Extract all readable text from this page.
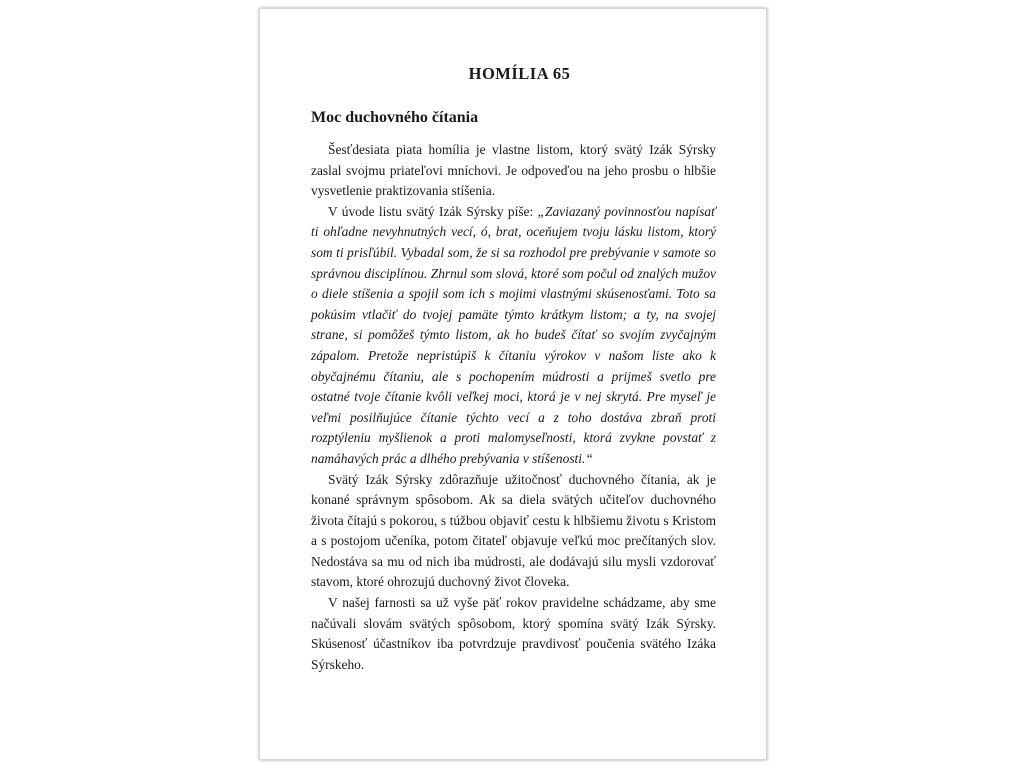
HOMÍLIA 65
Moc duchovného čítania

Šesťdesiata piata homília je vlastne listom, ktorý svätý Izák Sýrsky zaslal svojmu priateľovi mníchovi. Je odpoveďou na jeho prosbu o hlbšie vysvetlenie praktizovania stíšenia.

V úvode listu svätý Izák Sýrsky píše: „Zaviazaný povinnosťou napísať ti ohľadne nevyhnutných vecí, ó, brat, oceňujem tvoju lásku listom, ktorý som ti prisľúbil. Vybadal som, že si sa rozhodol pre prebývanie v samote so správnou disciplínou. Zhrnul som slová, ktoré som počul od znalých mužov o diele stíšenia a spojil som ich s mojimi vlastnými skúsenosťami. Toto sa pokúsim vtlačiť do tvojej pamäte týmto krátkym listom; a ty, na svojej strane, si pomôžeš týmto listom, ak ho budeš čítať so svojím zvyčajným zápalom. Pretože nepristúpiš k čítaniu výrokov v našom liste ako k obyčajnému čítaniu, ale s pochopením múdrosti a prijmeš svetlo pre ostatné tvoje čítanie kvôli veľkej moci, ktorá je v nej skrytá. Pre myseľ je veľmi posilňujúce čítanie týchto vecí a z toho dostáva zbraň proti rozptýleniu myšlienok a proti malomyseľnosti, ktorá zvykne povstať z namáhavých prác a dlhého prebývania v stíšenosti.“

Svätý Izák Sýrsky zdôrazňuje užitočnosť duchovného čítania, ak je konané správnym spôsobom. Ak sa diela svätých učiteľov duchovného života čítajú s pokorou, s túžbou objaviť cestu k hlbšiemu životu s Kristom a s postojom učeníka, potom čitateľ objavuje veľkú moc prečítaných slov. Nedostáva sa mu od nich iba múdrosti, ale dodávajú silu mysli vzdorovať stavom, ktoré ohrozujú duchovný život človeka.

V našej farnosti sa už vyše päť rokov pravidelne schádzame, aby sme načúvali slovám svätých spôsobom, ktorý spomína svätý Izák Sýrsky. Skúsenosť účastníkov iba potvrdzuje pravdivosť poučenia svätého Izáka Sýrskeho.
